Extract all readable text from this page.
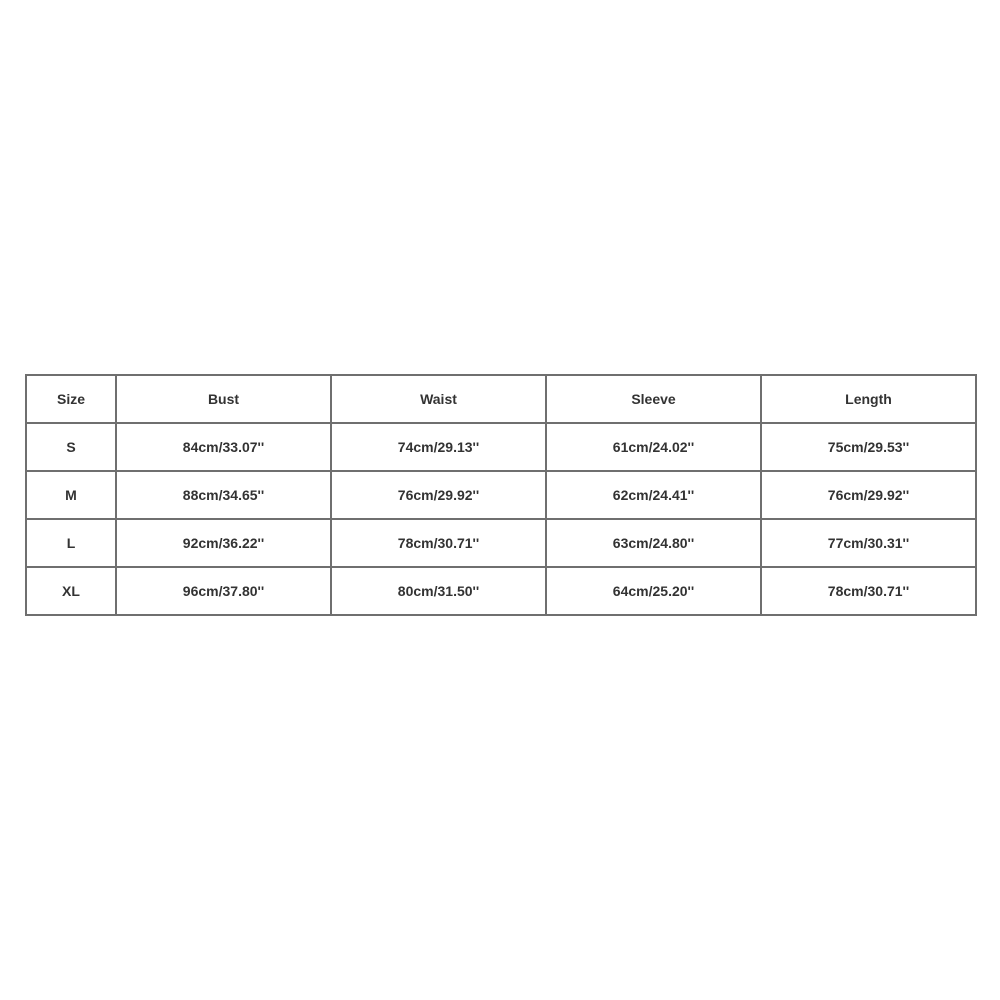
Size	Bust	Waist	Sleeve	Length
S	84cm/33.07''	74cm/29.13''	61cm/24.02''	75cm/29.53''
M	88cm/34.65''	76cm/29.92''	62cm/24.41''	76cm/29.92''
L	92cm/36.22''	78cm/30.71''	63cm/24.80''	77cm/30.31''
XL	96cm/37.80''	80cm/31.50''	64cm/25.20''	78cm/30.71''
